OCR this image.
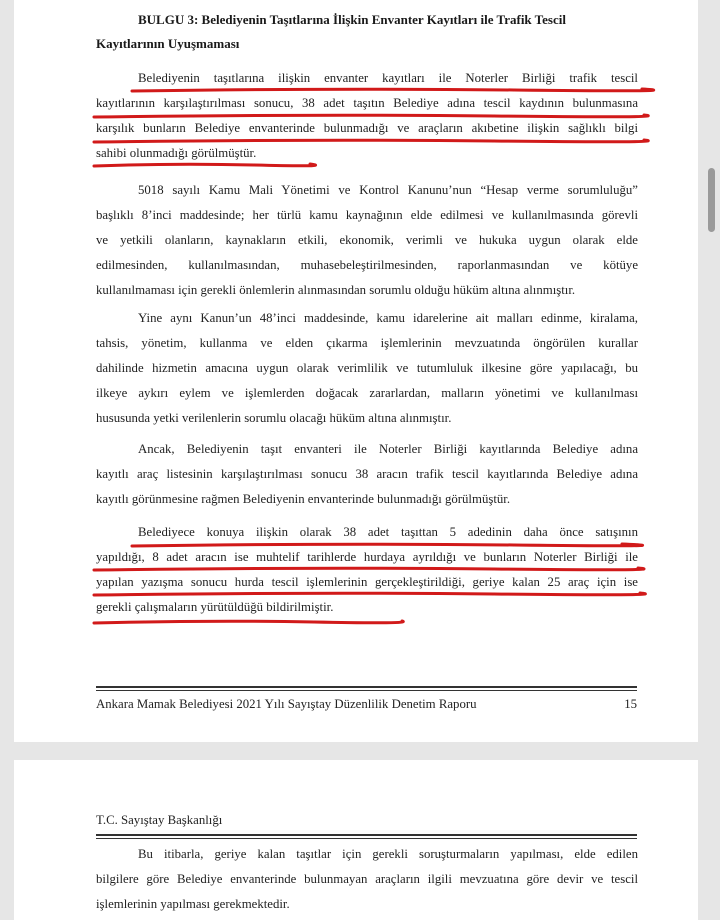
BULGU 3: Belediyenin Taşıtlarına İlişkin Envanter Kayıtları ile Trafik Tescil
Kayıtlarının Uyuşmaması
Belediyenin taşıtlarına ilişkin envanter kayıtları ile Noterler Birliği trafik tescil
kayıtlarının karşılaştırılması sonucu, 38 adet taşıtın Belediye adına tescil kaydının bulunmasına
karşılık bunların Belediye envanterinde bulunmadığı ve araçların akıbetine ilişkin sağlıklı bilgi
sahibi olunmadığı görülmüştür.
5018 sayılı Kamu Mali Yönetimi ve Kontrol Kanunu’nun “Hesap verme sorumluluğu”
başlıklı 8’inci maddesinde; her türlü kamu kaynağının elde edilmesi ve kullanılmasında görevli
ve yetkili olanların, kaynakların etkili, ekonomik, verimli ve hukuka uygun olarak elde
edilmesinden, kullanılmasından, muhasebeleştirilmesinden, raporlanmasından ve kötüye
kullanılmaması için gerekli önlemlerin alınmasından sorumlu olduğu hüküm altına alınmıştır.
Yine aynı Kanun’un 48’inci maddesinde, kamu idarelerine ait malları edinme, kiralama,
tahsis, yönetim, kullanma ve elden çıkarma işlemlerinin mevzuatında öngörülen kurallar
dahilinde hizmetin amacına uygun olarak verimlilik ve tutumluluk ilkesine göre yapılacağı, bu
ilkeye aykırı eylem ve işlemlerden doğacak zararlardan, malların yönetimi ve kullanılması
hususunda yetki verilenlerin sorumlu olacağı hüküm altına alınmıştır.
Ancak, Belediyenin taşıt envanteri ile Noterler Birliği kayıtlarında Belediye adına
kayıtlı araç listesinin karşılaştırılması sonucu 38 aracın trafik tescil kayıtlarında Belediye adına
kayıtlı görünmesine rağmen Belediyenin envanterinde bulunmadığı görülmüştür.
Belediyece konuya ilişkin olarak 38 adet taşıttan 5 adedinin daha önce satışının
yapıldığı, 8 adet aracın ise muhtelif tarihlerde hurdaya ayrıldığı ve bunların Noterler Birliği ile
yapılan yazışma sonucu hurda tescil işlemlerinin gerçekleştirildiği, geriye kalan 25 araç için ise
gerekli çalışmaların yürütüldüğü bildirilmiştir.
Ankara Mamak Belediyesi 2021 Yılı Sayıştay Düzenlilik Denetim Raporu	15
T.C. Sayıştay Başkanlığı
Bu itibarla, geriye kalan taşıtlar için gerekli soruşturmaların yapılması, elde edilen
bilgilere göre Belediye envanterinde bulunmayan araçların ilgili mevzuatına göre devir ve tescil
işlemlerinin yapılması gerekmektedir.
